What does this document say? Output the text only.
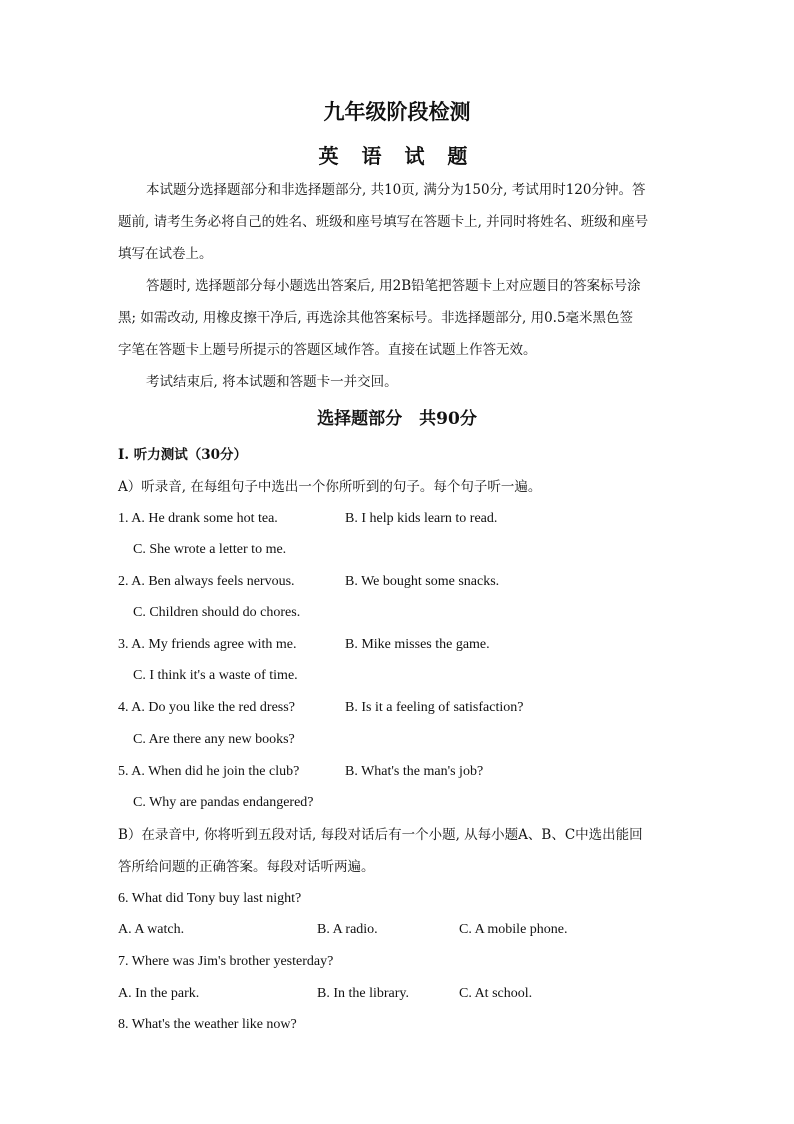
九年级阶段检测
英 语 试 题
本试题分选择题部分和非选择题部分, 共10页, 满分为150分, 考试用时120分钟。答
题前, 请考生务必将自己的姓名、班级和座号填写在答题卡上, 并同时将姓名、班级和座号
填写在试卷上。
答题时, 选择题部分每小题选出答案后, 用2B铅笔把答题卡上对应题目的答案标号涂
黑; 如需改动, 用橡皮擦干净后, 再选涂其他答案标号。非选择题部分, 用0.5毫米黑色签
字笔在答题卡上题号所提示的答题区域作答。直接在试题上作答无效。
考试结束后, 将本试题和答题卡一并交回。
选择题部分　共90分
I. 听力测试（30分）
A）听录音, 在每组句子中选出一个你所听到的句子。每个句子听一遍。
1. A. He drank some hot tea.	B. I help kids learn to read.
C. She wrote a letter to me.
2. A. Ben always feels nervous.	B. We bought some snacks.
C. Children should do chores.
3. A. My friends agree with me.	B. Mike misses the game.
C. I think it's a waste of time.
4. A. Do you like the red dress?	B. Is it a feeling of satisfaction?
C. Are there any new books?
5. A. When did he join the club?	B. What's the man's job?
C. Why are pandas endangered?
B）在录音中, 你将听到五段对话, 每段对话后有一个小题, 从每小题A、B、C中选出能回
答所给问题的正确答案。每段对话听两遍。
6. What did Tony buy last night?
A. A watch.	B. A radio.	C. A mobile phone.
7. Where was Jim's brother yesterday?
A. In the park.	B. In the library.	C. At school.
8. What's the weather like now?
